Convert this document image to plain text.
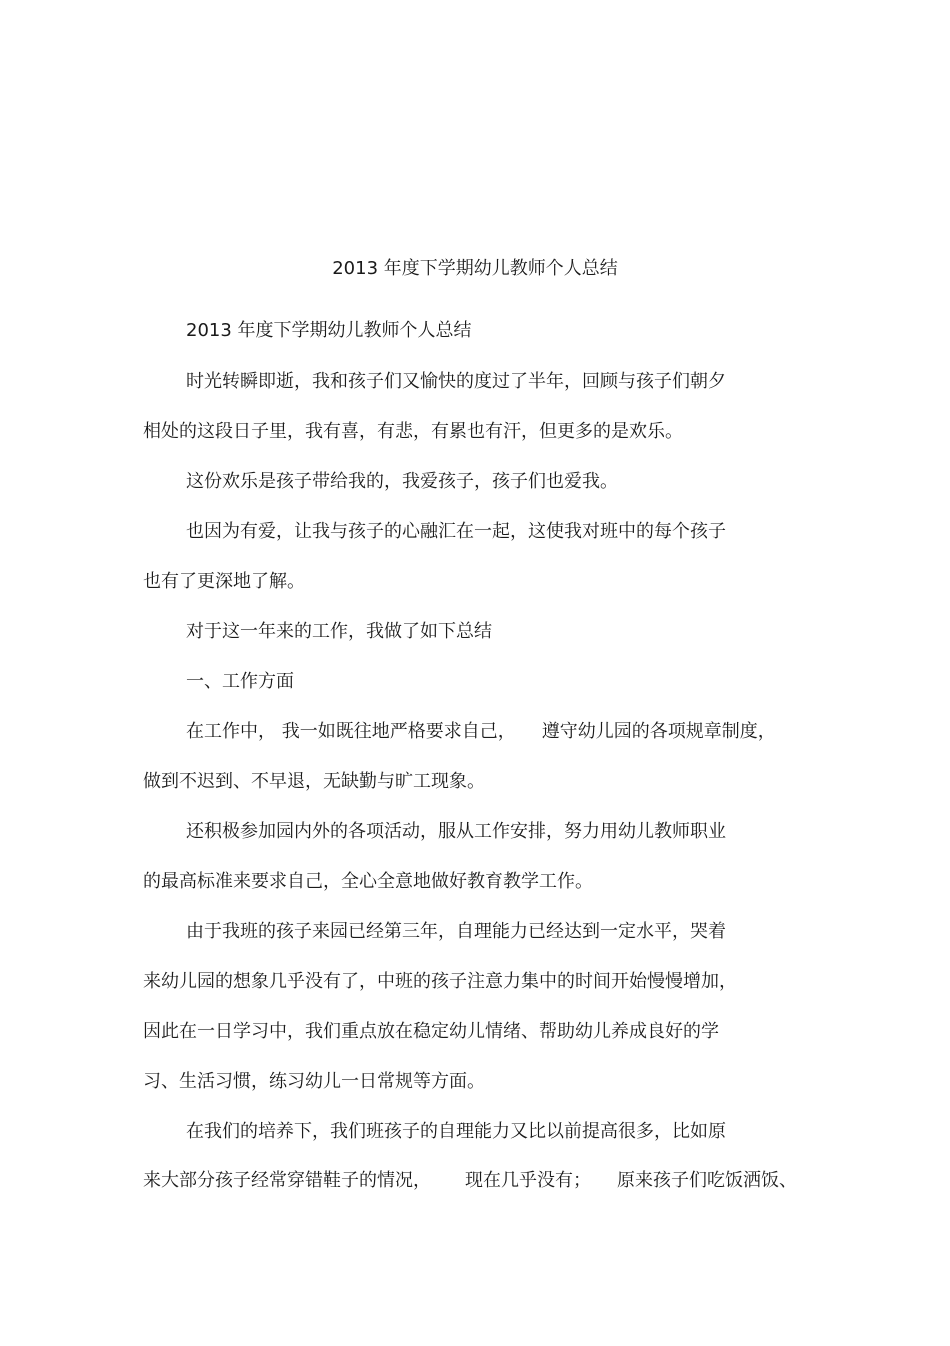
2013 年度下学期幼儿教师个人总结
2013 年度下学期幼儿教师个人总结
时光转瞬即逝，我和孩子们又愉快的度过了半年，回顾与孩子们朝夕
相处的这段日子里，我有喜，有悲，有累也有汗，但更多的是欢乐。
这份欢乐是孩子带给我的，我爱孩子，孩子们也爱我。
也因为有爱，让我与孩子的心融汇在一起，这使我对班中的每个孩子
也有了更深地了解。
对于这一年来的工作，我做了如下总结
一、工作方面
在工作中， 我一如既往地严格要求自己， 遵守幼儿园的各项规章制度，
做到不迟到、不早退，无缺勤与旷工现象。
还积极参加园内外的各项活动，服从工作安排，努力用幼儿教师职业
的最高标准来要求自己，全心全意地做好教育教学工作。
由于我班的孩子来园已经第三年，自理能力已经达到一定水平，哭着
来幼儿园的想象几乎没有了，中班的孩子注意力集中的时间开始慢慢增加，
因此在一日学习中，我们重点放在稳定幼儿情绪、帮助幼儿养成良好的学
习、生活习惯，练习幼儿一日常规等方面。
在我们的培养下，我们班孩子的自理能力又比以前提高很多，比如原
来大部分孩子经常穿错鞋子的情况， 现在几乎没有； 原来孩子们吃饭洒饭、
